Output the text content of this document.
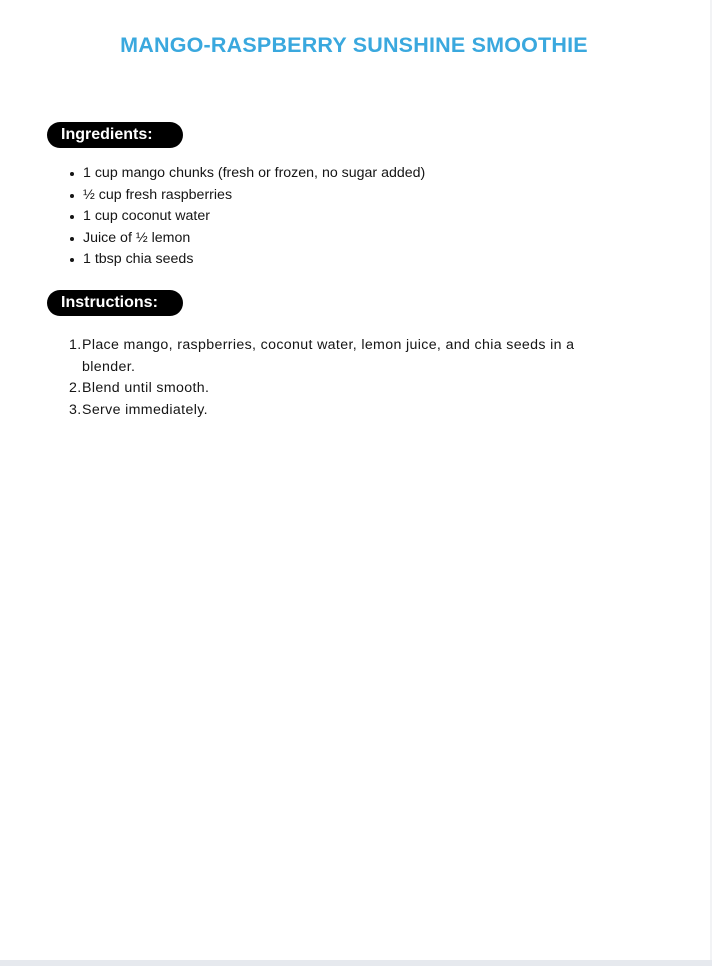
MANGO-RASPBERRY SUNSHINE SMOOTHIE
Ingredients:
1 cup mango chunks (fresh or frozen, no sugar added)
½ cup fresh raspberries
1 cup coconut water
Juice of ½ lemon
1 tbsp chia seeds
Instructions:
1. Place mango, raspberries, coconut water, lemon juice, and chia seeds in a blender.
2. Blend until smooth.
3. Serve immediately.
